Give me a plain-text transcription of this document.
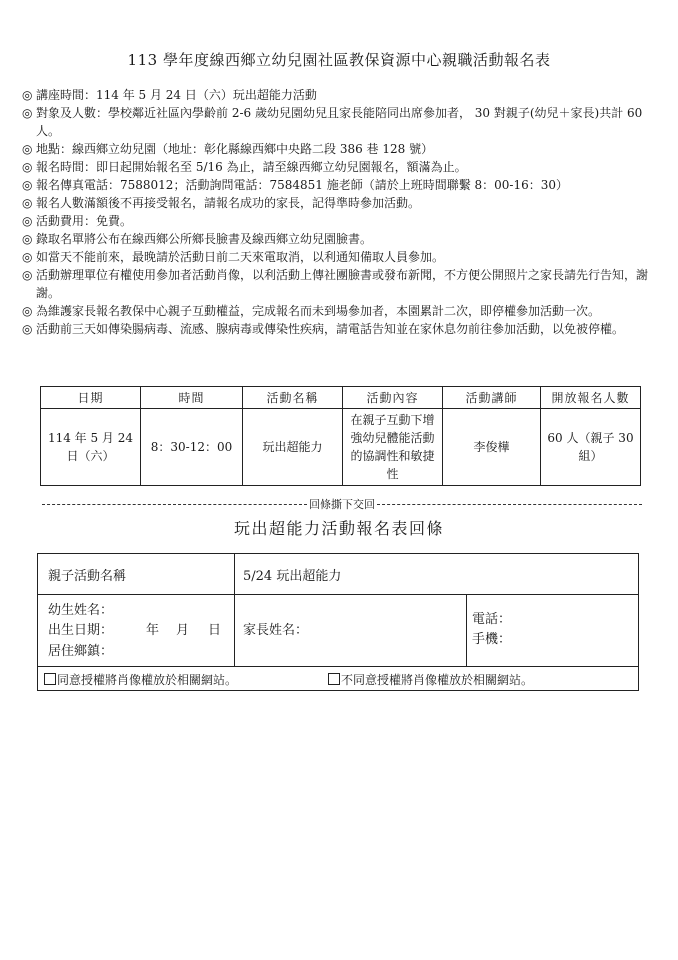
113 學年度線西鄉立幼兒園社區教保資源中心親職活動報名表
◎ 講座時間：114 年 5 月 24 日（六）玩出超能力活動
◎ 對象及人數：學校鄰近社區內學齡前 2-6 歲幼兒園幼兒且家長能陪同出席參加者， 30 對親子(幼兒＋家長)共計 60 人。
◎ 地點：線西鄉立幼兒園（地址：彰化縣線西鄉中央路二段 386 巷 128 號）
◎ 報名時間：即日起開始報名至 5/16 為止，請至線西鄉立幼兒園報名，額滿為止。
◎ 報名傳真電話：7588012；活動詢問電話：7584851 施老師（請於上班時間聯繫 8：00-16：30）
◎ 報名人數滿額後不再接受報名，請報名成功的家長，記得準時參加活動。
◎ 活動費用：免費。
◎ 錄取名單將公布在線西鄉公所鄉長臉書及線西鄉立幼兒園臉書。
◎ 如當天不能前來，最晚請於活動日前二天來電取消，以利通知備取人員參加。
◎ 活動辦理單位有權使用參加者活動肖像，以利活動上傳社團臉書或發布新聞，不方便公開照片之家長請先行告知，謝謝。
◎ 為維護家長報名教保中心親子互動權益，完成報名而未到場參加者，本園累計二次，即停權參加活動一次。
◎ 活動前三天如傳染腸病毒、流感、腺病毒或傳染性疾病，請電話告知並在家休息勿前往參加活動，以免被停權。
日期	時間	活動名稱	活動內容	活動講師	開放報名人數
114 年 5 月 24 日（六）	8：30-12：00	玩出超能力	在親子互動下增強幼兒體能活動的協調性和敏捷性	李俊樺	60 人（親子 30 組）
回條撕下交回
玩出超能力活動報名表回條
親子活動名稱	5/24 玩出超能力
幼生姓名：
出生日期：	年 月 日
居住鄉鎮：
家長姓名：
電話：
手機：
同意授權將肖像權放於相關網站。	不同意授權將肖像權放於相關網站。
